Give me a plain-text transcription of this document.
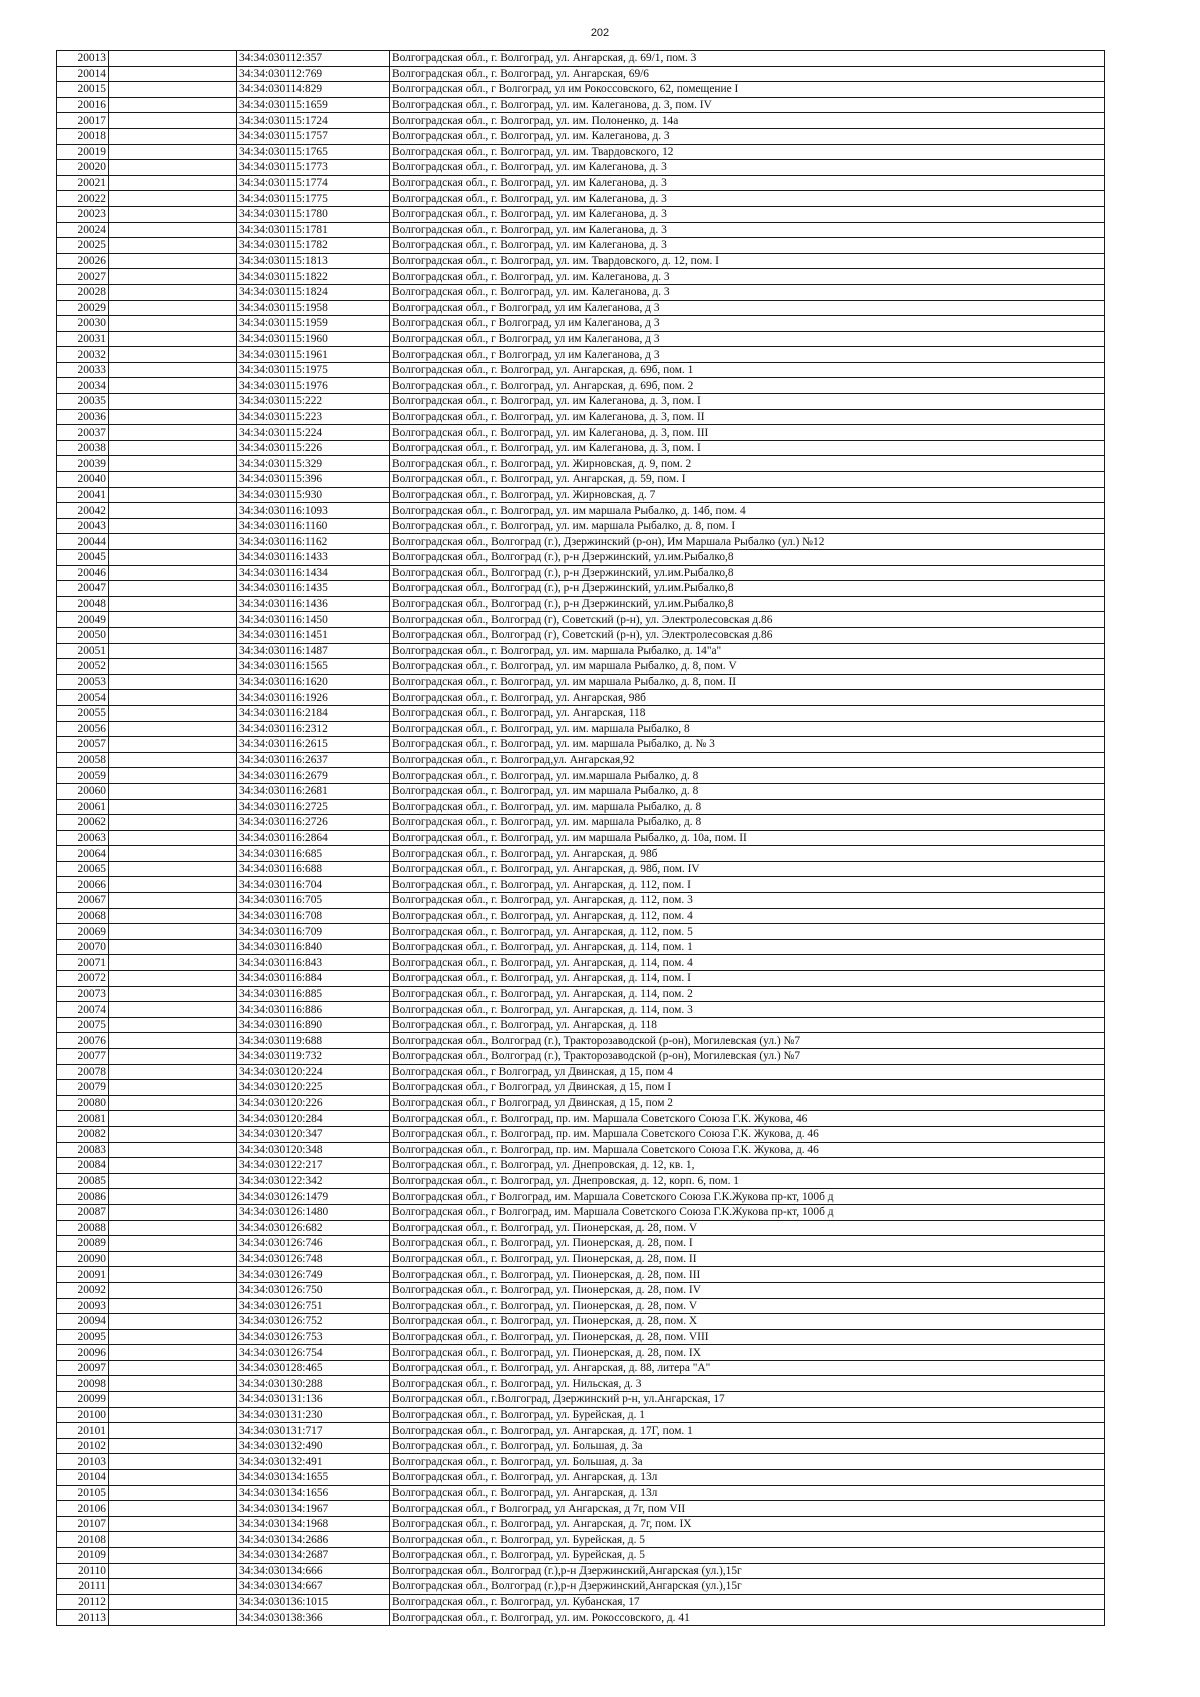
202
20013		34:34:030112:357	Волгоградская обл., г. Волгоград, ул. Ангарская, д. 69/1, пом. 3
20014		34:34:030112:769	Волгоградская обл., г. Волгоград, ул. Ангарская, 69/6
20015		34:34:030114:829	Волгоградская обл., г Волгоград, ул им Рокоссовского, 62, помещение I
20016		34:34:030115:1659	Волгоградская обл., г. Волгоград, ул. им. Калеганова, д. 3, пом. IV
20017		34:34:030115:1724	Волгоградская обл., г. Волгоград, ул. им. Полоненко, д. 14а
20018		34:34:030115:1757	Волгоградская обл., г. Волгоград, ул. им. Калеганова, д. 3
20019		34:34:030115:1765	Волгоградская обл., г. Волгоград, ул. им. Твардовского, 12
20020		34:34:030115:1773	Волгоградская обл., г. Волгоград, ул. им Калеганова, д. 3
20021		34:34:030115:1774	Волгоградская обл., г. Волгоград, ул. им Калеганова, д. 3
20022		34:34:030115:1775	Волгоградская обл., г. Волгоград, ул. им Калеганова, д. 3
20023		34:34:030115:1780	Волгоградская обл., г. Волгоград, ул. им Калеганова, д. 3
20024		34:34:030115:1781	Волгоградская обл., г. Волгоград, ул. им Калеганова, д. 3
20025		34:34:030115:1782	Волгоградская обл., г. Волгоград, ул. им Калеганова, д. 3
20026		34:34:030115:1813	Волгоградская обл., г. Волгоград, ул. им. Твардовского, д. 12, пом. I
20027		34:34:030115:1822	Волгоградская обл., г. Волгоград, ул. им. Калеганова, д. 3
20028		34:34:030115:1824	Волгоградская обл., г. Волгоград, ул. им. Калеганова, д. 3
20029		34:34:030115:1958	Волгоградская обл., г Волгоград, ул им Калеганова, д 3
20030		34:34:030115:1959	Волгоградская обл., г Волгоград, ул им Калеганова, д 3
20031		34:34:030115:1960	Волгоградская обл., г Волгоград, ул им Калеганова, д 3
20032		34:34:030115:1961	Волгоградская обл., г Волгоград, ул им Калеганова, д 3
20033		34:34:030115:1975	Волгоградская обл., г. Волгоград, ул. Ангарская, д. 69б, пом. 1
20034		34:34:030115:1976	Волгоградская обл., г. Волгоград, ул. Ангарская, д. 69б, пом. 2
20035		34:34:030115:222	Волгоградская обл., г. Волгоград, ул. им Калеганова, д. 3, пом. I
20036		34:34:030115:223	Волгоградская обл., г. Волгоград, ул. им Калеганова, д. 3, пом. II
20037		34:34:030115:224	Волгоградская обл., г. Волгоград, ул. им Калеганова, д. 3, пом. III
20038		34:34:030115:226	Волгоградская обл., г. Волгоград, ул. им Калеганова, д. 3, пом. I
20039		34:34:030115:329	Волгоградская обл., г. Волгоград, ул. Жирновская, д. 9, пом. 2
20040		34:34:030115:396	Волгоградская обл., г. Волгоград, ул. Ангарская, д. 59, пом. I
20041		34:34:030115:930	Волгоградская обл., г. Волгоград, ул. Жирновская, д. 7
20042		34:34:030116:1093	Волгоградская обл., г. Волгоград, ул. им маршала Рыбалко, д. 14б, пом. 4
20043		34:34:030116:1160	Волгоградская обл., г. Волгоград, ул. им. маршала Рыбалко, д. 8, пом. I
20044		34:34:030116:1162	Волгоградская обл., Волгоград (г.), Дзержинский (р-он), Им Маршала Рыбалко (ул.) №12
20045		34:34:030116:1433	Волгоградская обл., Волгоград (г.), р-н Дзержинский, ул.им.Рыбалко,8
20046		34:34:030116:1434	Волгоградская обл., Волгоград (г.), р-н Дзержинский, ул.им.Рыбалко,8
20047		34:34:030116:1435	Волгоградская обл., Волгоград (г.), р-н Дзержинский, ул.им.Рыбалко,8
20048		34:34:030116:1436	Волгоградская обл., Волгоград (г.), р-н Дзержинский, ул.им.Рыбалко,8
20049		34:34:030116:1450	Волгоградская обл., Волгоград (г), Советский (р-н), ул. Электролесовская д.86
20050		34:34:030116:1451	Волгоградская обл., Волгоград (г), Советский (р-н), ул. Электролесовская д.86
20051		34:34:030116:1487	Волгоградская обл., г. Волгоград, ул. им. маршала Рыбалко, д. 14"а"
20052		34:34:030116:1565	Волгоградская обл., г. Волгоград, ул. им маршала Рыбалко, д. 8, пом. V
20053		34:34:030116:1620	Волгоградская обл., г. Волгоград, ул. им маршала Рыбалко, д. 8, пом. II
20054		34:34:030116:1926	Волгоградская обл., г. Волгоград, ул. Ангарская, 98б
20055		34:34:030116:2184	Волгоградская обл., г. Волгоград, ул. Ангарская, 118
20056		34:34:030116:2312	Волгоградская обл., г. Волгоград, ул. им. маршала Рыбалко, 8
20057		34:34:030116:2615	Волгоградская обл., г. Волгоград, ул. им. маршала Рыбалко, д. № 3
20058		34:34:030116:2637	Волгоградская обл., г. Волгоград,ул. Ангарская,92
20059		34:34:030116:2679	Волгоградская обл., г. Волгоград, ул. им.маршала Рыбалко, д. 8
20060		34:34:030116:2681	Волгоградская обл., г. Волгоград, ул. им маршала Рыбалко, д. 8
20061		34:34:030116:2725	Волгоградская обл., г. Волгоград, ул. им. маршала Рыбалко, д. 8
20062		34:34:030116:2726	Волгоградская обл., г. Волгоград, ул. им. маршала Рыбалко, д. 8
20063		34:34:030116:2864	Волгоградская обл., г. Волгоград, ул. им маршала Рыбалко, д. 10а, пом. II
20064		34:34:030116:685	Волгоградская обл., г. Волгоград, ул. Ангарская, д. 98б
20065		34:34:030116:688	Волгоградская обл., г. Волгоград, ул. Ангарская, д. 98б, пом. IV
20066		34:34:030116:704	Волгоградская обл., г. Волгоград, ул. Ангарская, д. 112, пом. I
20067		34:34:030116:705	Волгоградская обл., г. Волгоград, ул. Ангарская, д. 112, пом. 3
20068		34:34:030116:708	Волгоградская обл., г. Волгоград, ул. Ангарская, д. 112, пом. 4
20069		34:34:030116:709	Волгоградская обл., г. Волгоград, ул. Ангарская, д. 112, пом. 5
20070		34:34:030116:840	Волгоградская обл., г. Волгоград, ул. Ангарская, д. 114, пом. 1
20071		34:34:030116:843	Волгоградская обл., г. Волгоград, ул. Ангарская, д. 114, пом. 4
20072		34:34:030116:884	Волгоградская обл., г. Волгоград, ул. Ангарская, д. 114, пом. I
20073		34:34:030116:885	Волгоградская обл., г. Волгоград, ул. Ангарская, д. 114, пом. 2
20074		34:34:030116:886	Волгоградская обл., г. Волгоград, ул. Ангарская, д. 114, пом. 3
20075		34:34:030116:890	Волгоградская обл., г. Волгоград, ул. Ангарская, д. 118
20076		34:34:030119:688	Волгоградская обл., Волгоград (г.), Тракторозаводской (р-он), Могилевская (ул.) №7
20077		34:34:030119:732	Волгоградская обл., Волгоград (г.), Тракторозаводской (р-он), Могилевская (ул.) №7
20078		34:34:030120:224	Волгоградская обл., г Волгоград, ул Двинская, д 15, пом 4
20079		34:34:030120:225	Волгоградская обл., г Волгоград, ул Двинская, д 15, пом I
20080		34:34:030120:226	Волгоградская обл., г Волгоград, ул Двинская, д 15, пом 2
20081		34:34:030120:284	Волгоградская обл., г. Волгоград, пр. им. Маршала Советского Союза Г.К. Жукова, 46
20082		34:34:030120:347	Волгоградская обл., г. Волгоград, пр. им. Маршала Советского Союза Г.К. Жукова, д. 46
20083		34:34:030120:348	Волгоградская обл., г. Волгоград, пр. им. Маршала Советского Союза Г.К. Жукова, д. 46
20084		34:34:030122:217	Волгоградская обл., г. Волгоград, ул. Днепровская, д. 12, кв. 1,
20085		34:34:030122:342	Волгоградская обл., г. Волгоград, ул. Днепровская, д. 12, корп. 6, пом. 1
20086		34:34:030126:1479	Волгоградская обл., г Волгоград, им. Маршала Советского Союза Г.К.Жукова пр-кт, 100б д
20087		34:34:030126:1480	Волгоградская обл., г Волгоград, им. Маршала Советского Союза Г.К.Жукова пр-кт, 100б д
20088		34:34:030126:682	Волгоградская обл., г. Волгоград, ул. Пионерская, д. 28, пом. V
20089		34:34:030126:746	Волгоградская обл., г. Волгоград, ул. Пионерская, д. 28, пом. I
20090		34:34:030126:748	Волгоградская обл., г. Волгоград, ул. Пионерская, д. 28, пом. II
20091		34:34:030126:749	Волгоградская обл., г. Волгоград, ул. Пионерская, д. 28, пом. III
20092		34:34:030126:750	Волгоградская обл., г. Волгоград, ул. Пионерская, д. 28, пом. IV
20093		34:34:030126:751	Волгоградская обл., г. Волгоград, ул. Пионерская, д. 28, пом. V
20094		34:34:030126:752	Волгоградская обл., г. Волгоград, ул. Пионерская, д. 28, пом. X
20095		34:34:030126:753	Волгоградская обл., г. Волгоград, ул. Пионерская, д. 28, пом. VIII
20096		34:34:030126:754	Волгоградская обл., г. Волгоград, ул. Пионерская, д. 28, пом. IX
20097		34:34:030128:465	Волгоградская обл., г. Волгоград, ул. Ангарская, д. 88, литера "А"
20098		34:34:030130:288	Волгоградская обл., г. Волгоград, ул. Нильская, д. 3
20099		34:34:030131:136	Волгоградская обл., г.Волгоград, Дзержинский р-н, ул.Ангарская, 17
20100		34:34:030131:230	Волгоградская обл., г. Волгоград, ул. Бурейская, д. 1
20101		34:34:030131:717	Волгоградская обл., г. Волгоград, ул. Ангарская, д. 17Г, пом. 1
20102		34:34:030132:490	Волгоградская обл., г. Волгоград, ул. Большая, д. 3а
20103		34:34:030132:491	Волгоградская обл., г. Волгоград, ул. Большая, д. 3а
20104		34:34:030134:1655	Волгоградская обл., г. Волгоград, ул. Ангарская, д. 13л
20105		34:34:030134:1656	Волгоградская обл., г. Волгоград, ул. Ангарская, д. 13л
20106		34:34:030134:1967	Волгоградская обл., г Волгоград, ул Ангарская, д 7г, пом VII
20107		34:34:030134:1968	Волгоградская обл., г. Волгоград, ул. Ангарская, д. 7г, пом. IX
20108		34:34:030134:2686	Волгоградская обл., г. Волгоград, ул. Бурейская, д. 5
20109		34:34:030134:2687	Волгоградская обл., г. Волгоград, ул. Бурейская, д. 5
20110		34:34:030134:666	Волгоградская обл., Волгоград (г.),р-н Дзержинский,Ангарская (ул.),15г
20111		34:34:030134:667	Волгоградская обл., Волгоград (г.),р-н Дзержинский,Ангарская (ул.),15г
20112		34:34:030136:1015	Волгоградская обл., г. Волгоград, ул. Кубанская, 17
20113		34:34:030138:366	Волгоградская обл., г. Волгоград, ул. им. Рокоссовского, д. 41
